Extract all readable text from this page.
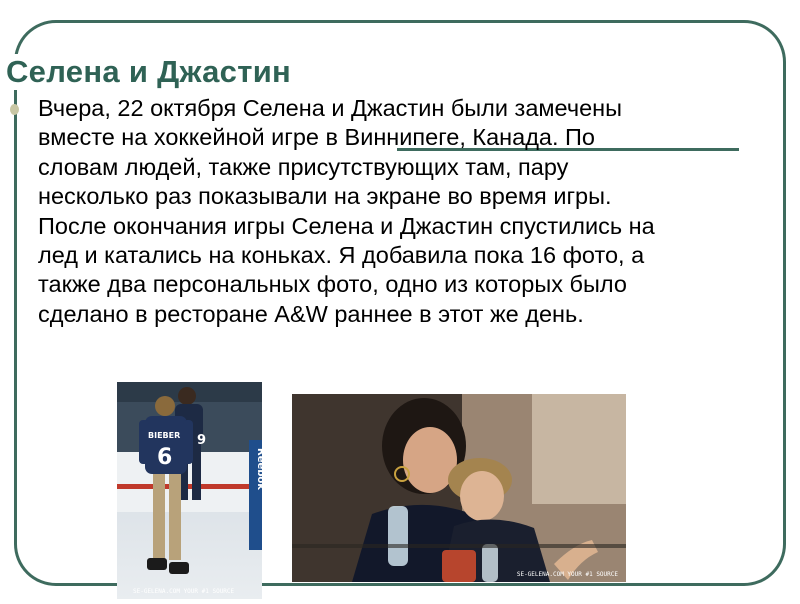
Селена и Джастин

Вчера, 22 октября Селена и Джастин были замечены вместе на хоккейной игре в Виннипеге, Канада. По словам людей, также присутствующих там, пару несколько раз показывали на экране во время игры. После окончания игры Селена и Джастин спустились на лед и катались на коньках. Я добавила пока 16 фото, а также два персональных фото, одно из которых было сделано в ресторане A&W раннее в этот же день.

Reebok
9
BIEBER
6
SE-GELENA.COM YOUR #1 SOURCE
SE-GELENA.COM YOUR #1 SOURCE
